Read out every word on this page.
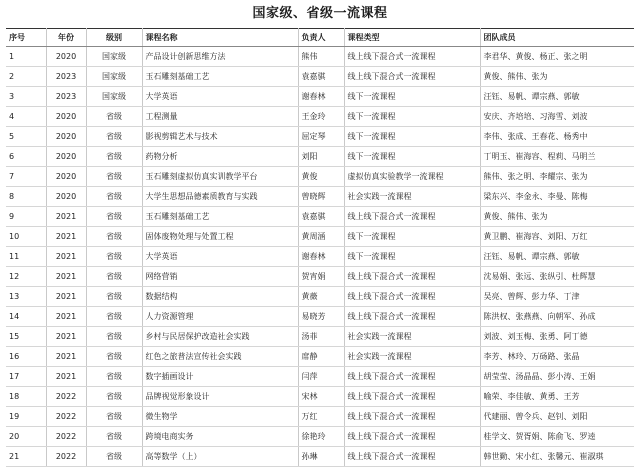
国家级、省级一流课程
序号	年份	级别	课程名称	负责人	课程类型	团队成员
1	2020	国家级	产品设计创新思维方法	熊伟	线上线下混合式一流课程	李君华、黄俊、杨正、张之明
2	2023	国家级	玉石雕刻基础工艺	袁嘉骐	线上线下混合式一流课程	黄俊、熊伟、张为
3	2023	国家级	大学英语	谢春林	线下一流课程	汪钰、易帆、谭宗燕、郭敏
4	2020	省级	工程测量	王金玲	线下一流课程	安庆、齐培培、习海雪、刘波
5	2020	省级	影视剪辑艺术与技术	屈定琴	线下一流课程	李伟、张成、王春花、杨秀中
6	2020	省级	药物分析	刘阳	线下一流课程	丁明玉、崔海容、程莉、马明兰
7	2020	省级	玉石雕刻虚拟仿真实训教学平台	黄俊	虚拟仿真实验教学一流课程	熊伟、张之明、李耀宗、张为
8	2020	省级	大学生思想品德素质教育与实践	曾晓辉	社会实践一流课程	梁东兴、李金永、李曼、陈梅
9	2021	省级	玉石雕刻基础工艺	袁嘉骐	线上线下混合式一流课程	黄俊、熊伟、张为
10	2021	省级	固体废物处理与处置工程	黄周涵	线下一流课程	黄卫鹏、崔海容、刘阳、万红
11	2021	省级	大学英语	谢春林	线下一流课程	汪钰、易帆、谭宗燕、郭敏
12	2021	省级	网络营销	贺宵娟	线上线下混合式一流课程	沈易娟、张远、张纵引、杜辉慧
13	2021	省级	数据结构	黄薇	线上线下混合式一流课程	吴亮、曾辉、彭力华、丁津
14	2021	省级	人力资源管理	易晓芳	线上线下混合式一流课程	陈洪权、张燕燕、向朝军、孙成
15	2021	省级	乡村与民居保护改造社会实践	汤菲	社会实践一流课程	刘波、刘玉梅、张勇、阿丁德
16	2021	省级	红色之旅普法宣传社会实践	席静	社会实践一流课程	李芳、林玲、万砀路、张晶
17	2021	省级	数字插画设计	闫萍	线上线下混合式一流课程	胡莹莹、汤晶晶、彭小涛、王娟
18	2022	省级	品牌视觉形象设计	宋林	线上线下混合式一流课程	喻荣、李佳敏、黄勇、王芳
19	2022	省级	微生物学	万红	线上线下混合式一流课程	代建丽、曾令兵、赵钊、刘阳
20	2022	省级	跨境电商实务	徐艳玲	线上线下混合式一流课程	桂学文、贺胥娟、陈俞飞、罗逵
21	2022	省级	高等数学（上）	孙琳	线上线下混合式一流课程	韩世勤、宋小红、张馨元、崔淑琪
